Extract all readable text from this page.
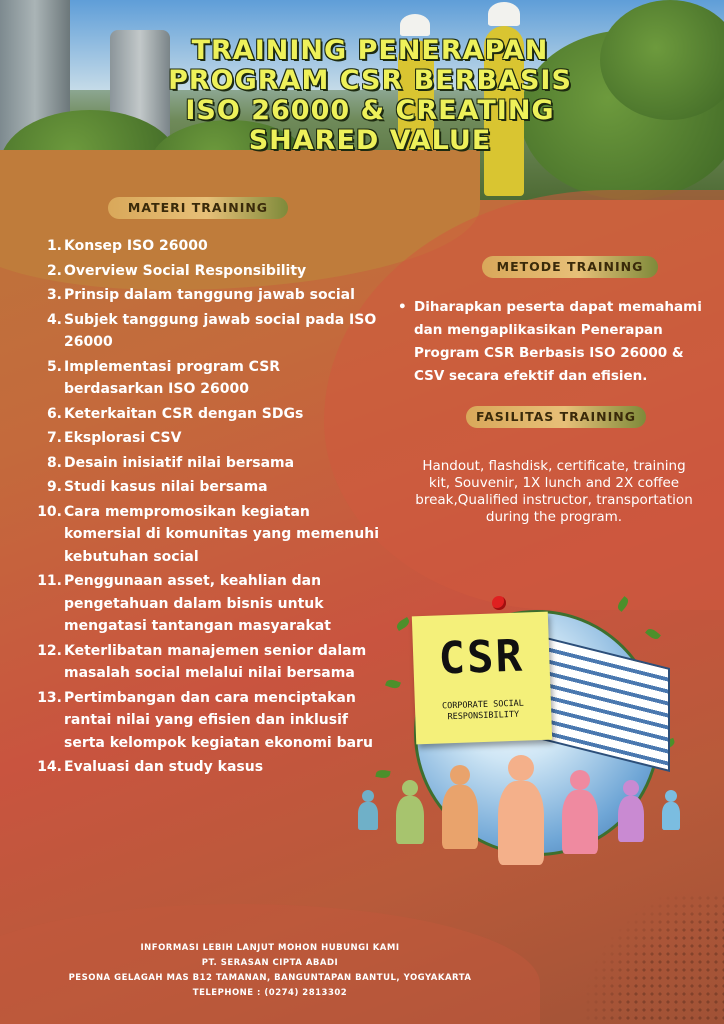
TRAINING PENERAPAN PROGRAM CSR BERBASIS ISO 26000 & CREATING SHARED VALUE
MATERI TRAINING
1. Konsep ISO 26000
2. Overview Social Responsibility
3. Prinsip dalam tanggung jawab social
4. Subjek tanggung jawab social pada ISO 26000
5. Implementasi program CSR berdasarkan ISO 26000
6. Keterkaitan CSR dengan SDGs
7. Eksplorasi CSV
8. Desain inisiatif nilai bersama
9. Studi kasus nilai bersama
10. Cara mempromosikan kegiatan komersial di komunitas yang memenuhi kebutuhan social
11. Penggunaan asset, keahlian dan pengetahuan dalam bisnis untuk mengatasi tantangan masyarakat
12. Keterlibatan manajemen senior dalam masalah social melalui nilai bersama
13. Pertimbangan dan cara menciptakan rantai nilai yang efisien dan inklusif serta kelompok kegiatan ekonomi baru
14. Evaluasi dan study kasus
METODE TRAINING
• Diharapkan peserta dapat memahami dan mengaplikasikan Penerapan Program CSR Berbasis ISO 26000 & CSV secara efektif dan efisien.

FASILITAS TRAINING
Handout, flashdisk, certificate, training kit, Souvenir, 1X lunch and 2X coffee break,Qualified instructor, transportation during the program.
CSR
CORPORATE SOCIAL RESPONSIBILITY
INFORMASI LEBIH LANJUT MOHON HUBUNGI KAMI
PT. SERASAN CIPTA ABADI
PESONA GELAGAH MAS B12 TAMANAN, BANGUNTAPAN BANTUL, YOGYAKARTA
TELEPHONE : (0274) 2813302
